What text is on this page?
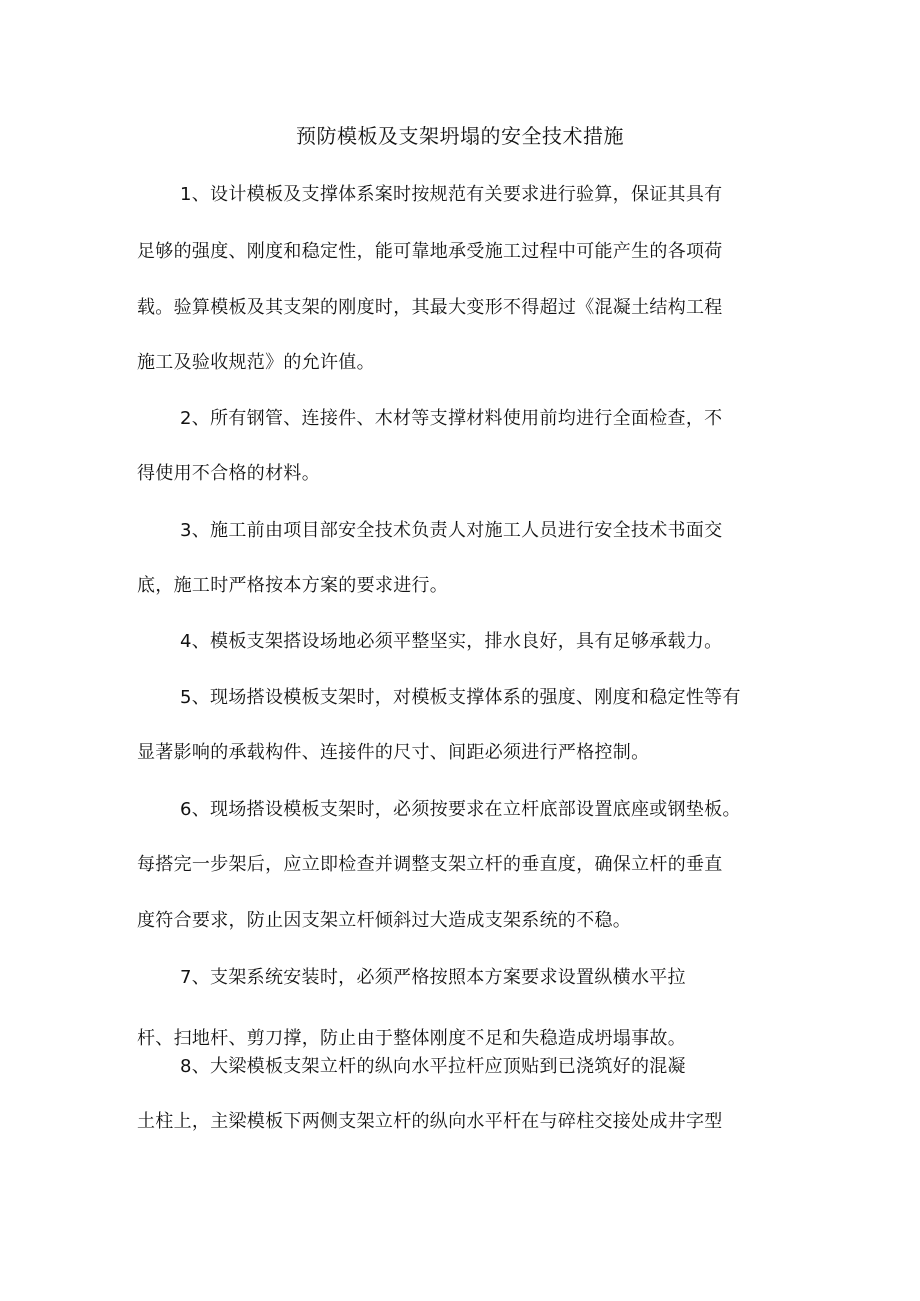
预防模板及支架坍塌的安全技术措施
1、设计模板及支撑体系案时按规范有关要求进行验算，保证其具有
足够的强度、刚度和稳定性，能可靠地承受施工过程中可能产生的各项荷
载。验算模板及其支架的刚度时，其最大变形不得超过《混凝土结构工程
施工及验收规范》的允许值。
2、所有钢管、连接件、木材等支撑材料使用前均进行全面检查，不
得使用不合格的材料。
3、施工前由项目部安全技术负责人对施工人员进行安全技术书面交
底，施工时严格按本方案的要求进行。
4、模板支架搭设场地必须平整坚实，排水良好，具有足够承载力。
5、现场搭设模板支架时，对模板支撑体系的强度、刚度和稳定性等有
显著影响的承载构件、连接件的尺寸、间距必须进行严格控制。
6、现场搭设模板支架时，必须按要求在立杆底部设置底座或钢垫板。
每搭完一步架后，应立即检查并调整支架立杆的垂直度，确保立杆的垂直
度符合要求，防止因支架立杆倾斜过大造成支架系统的不稳。
7、支架系统安装时，必须严格按照本方案要求设置纵横水平拉
杆、扫地杆、剪刀撑，防止由于整体刚度不足和失稳造成坍塌事故。
8、大梁模板支架立杆的纵向水平拉杆应顶贴到已浇筑好的混凝
土柱上，主梁模板下两侧支架立杆的纵向水平杆在与碎柱交接处成井字型
